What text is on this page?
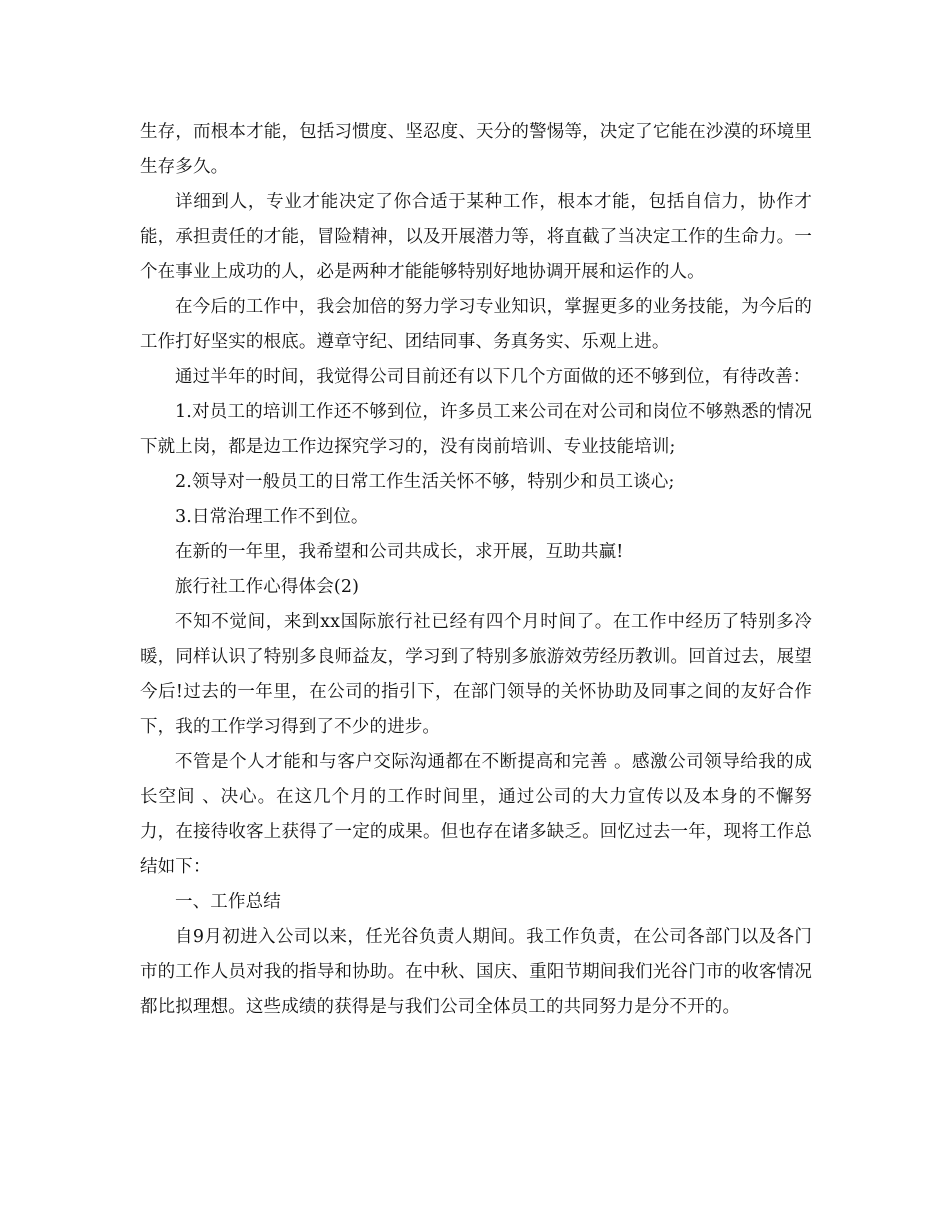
生存，而根本才能，包括习惯度、坚忍度、天分的警惕等，决定了它能在沙漠的环境里生存多久。

详细到人，专业才能决定了你合适于某种工作，根本才能，包括自信力，协作才能，承担责任的才能，冒险精神，以及开展潜力等，将直截了当决定工作的生命力。一个在事业上成功的人，必是两种才能能够特别好地协调开展和运作的人。

在今后的工作中，我会加倍的努力学习专业知识，掌握更多的业务技能，为今后的工作打好坚实的根底。遵章守纪、团结同事、务真务实、乐观上进。

通过半年的时间，我觉得公司目前还有以下几个方面做的还不够到位，有待改善：

1.对员工的培训工作还不够到位，许多员工来公司在对公司和岗位不够熟悉的情况下就上岗，都是边工作边探究学习的，没有岗前培训、专业技能培训;

2.领导对一般员工的日常工作生活关怀不够，特别少和员工谈心;

3.日常治理工作不到位。

在新的一年里，我希望和公司共成长，求开展，互助共赢!

旅行社工作心得体会(2)

不知不觉间，来到xx国际旅行社已经有四个月时间了。在工作中经历了特别多冷暖，同样认识了特别多良师益友，学习到了特别多旅游效劳经历教训。回首过去，展望今后!过去的一年里，在公司的指引下，在部门领导的关怀协助及同事之间的友好合作下，我的工作学习得到了不少的进步。

不管是个人才能和与客户交际沟通都在不断提高和完善 。感激公司领导给我的成长空间 、决心。在这几个月的工作时间里，通过公司的大力宣传以及本身的不懈努力，在接待收客上获得了一定的成果。但也存在诸多缺乏。回忆过去一年，现将工作总结如下：

一、工作总结

自9月初进入公司以来，任光谷负责人期间。我工作负责，在公司各部门以及各门市的工作人员对我的指导和协助。在中秋、国庆、重阳节期间我们光谷门市的收客情况都比拟理想。这些成绩的获得是与我们公司全体员工的共同努力是分不开的。
